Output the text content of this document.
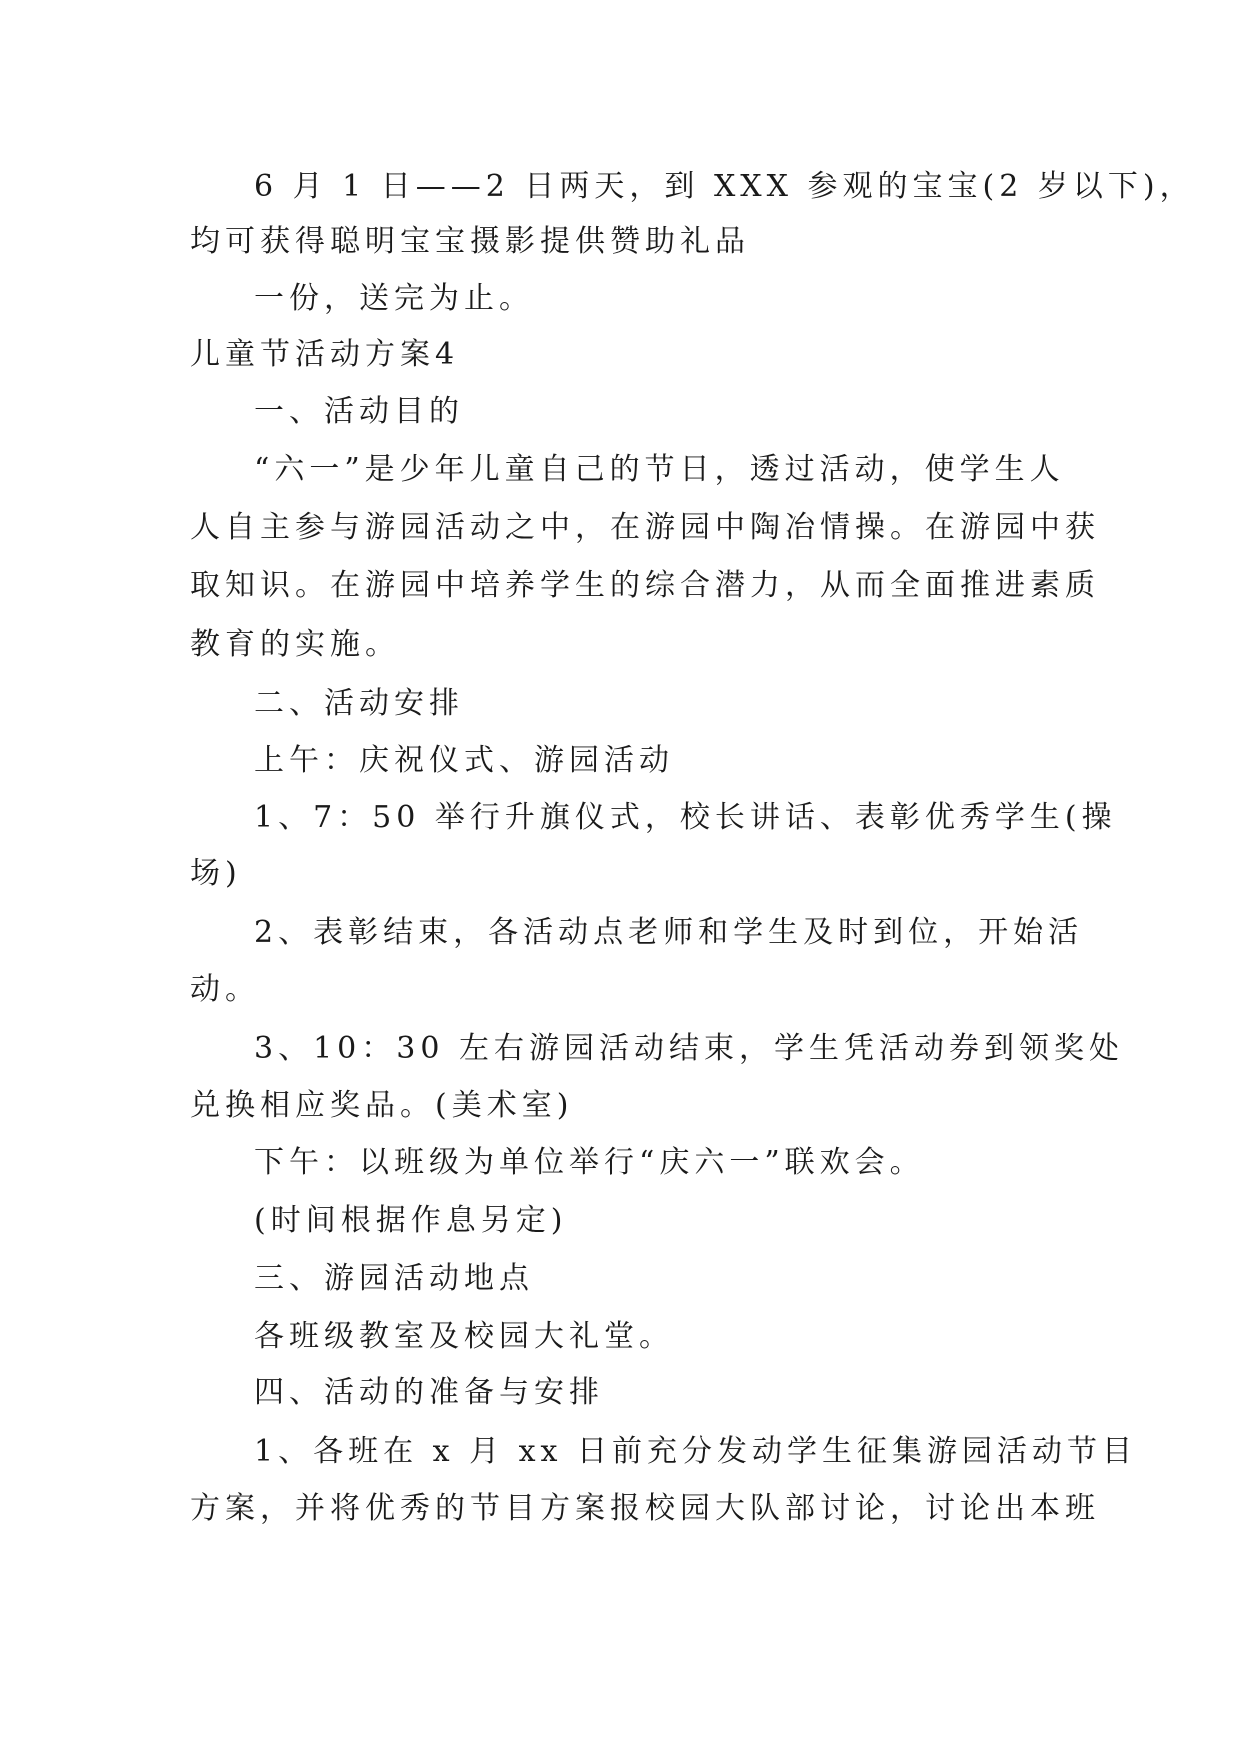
6 月 1 日——2 日两天，到 XXX 参观的宝宝(2 岁以下)，
均可获得聪明宝宝摄影提供赞助礼品
一份，送完为止。
儿童节活动方案4
一、活动目的
“六一”是少年儿童自己的节日，透过活动，使学生人
人自主参与游园活动之中，在游园中陶冶情操。在游园中获
取知识。在游园中培养学生的综合潜力，从而全面推进素质
教育的实施。
二、活动安排
上午：庆祝仪式、游园活动
1、7：50 举行升旗仪式，校长讲话、表彰优秀学生(操
场)
2、表彰结束，各活动点老师和学生及时到位，开始活
动。
3、10：30 左右游园活动结束，学生凭活动券到领奖处
兑换相应奖品。(美术室)
下午：以班级为单位举行“庆六一”联欢会。
(时间根据作息另定)
三、游园活动地点
各班级教室及校园大礼堂。
四、活动的准备与安排
1、各班在 x 月 xx 日前充分发动学生征集游园活动节目
方案，并将优秀的节目方案报校园大队部讨论，讨论出本班
